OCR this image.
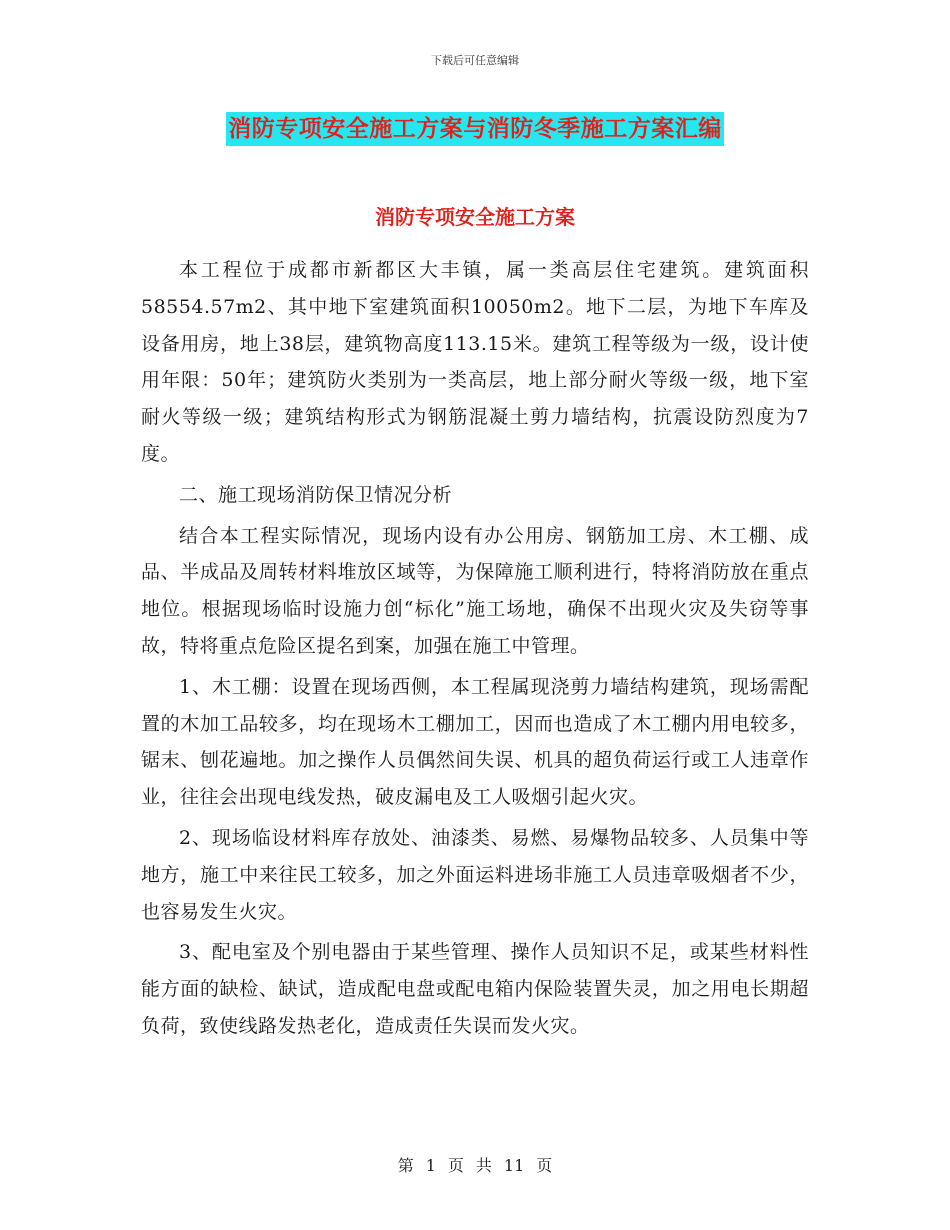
下载后可任意编辑
消防专项安全施工方案与消防冬季施工方案汇编
消防专项安全施工方案

本工程位于成都市新都区大丰镇，属一类高层住宅建筑。建筑面积 58554.57m2、其中地下室建筑面积10050m2。地下二层，为地下车库及设备用房，地上38层，建筑物高度113.15米。建筑工程等级为一级，设计使用年限：50年；建筑防火类别为一类高层，地上部分耐火等级一级，地下室耐火等级一级；建筑结构形式为钢筋混凝土剪力墙结构，抗震设防烈度为7度。

二、施工现场消防保卫情况分析

结合本工程实际情况，现场内设有办公用房、钢筋加工房、木工棚、成品、半成品及周转材料堆放区域等，为保障施工顺利进行，特将消防放在重点地位。根据现场临时设施力创“标化”施工场地，确保不出现火灾及失窃等事故，特将重点危险区提名到案，加强在施工中管理。

1、木工棚：设置在现场西侧，本工程属现浇剪力墙结构建筑，现场需配置的木加工品较多，均在现场木工棚加工，因而也造成了木工棚内用电较多，锯末、刨花遍地。加之操作人员偶然间失误、机具的超负荷运行或工人违章作业，往往会出现电线发热，破皮漏电及工人吸烟引起火灾。

2、现场临设材料库存放处、油漆类、易燃、易爆物品较多、人员集中等地方，施工中来往民工较多，加之外面运料进场非施工人员违章吸烟者不少，也容易发生火灾。

3、配电室及个别电器由于某些管理、操作人员知识不足，或某些材料性能方面的缺检、缺试，造成配电盘或配电箱内保险装置失灵，加之用电长期超负荷，致使线路发热老化，造成责任失误而发火灾。

第 1 页 共 11 页
